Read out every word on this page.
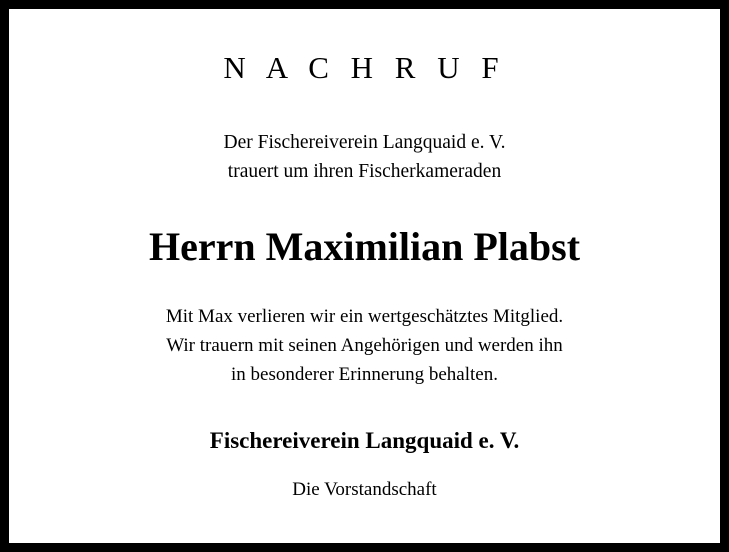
N A C H R U F

Der Fischereiverein Langquaid e. V.
trauert um ihren Fischerkameraden

Herrn Maximilian Plabst

Mit Max verlieren wir ein wertgeschätztes Mitglied.
Wir trauern mit seinen Angehörigen und werden ihn
in besonderer Erinnerung behalten.

Fischereiverein Langquaid e. V.

Die Vorstandschaft
